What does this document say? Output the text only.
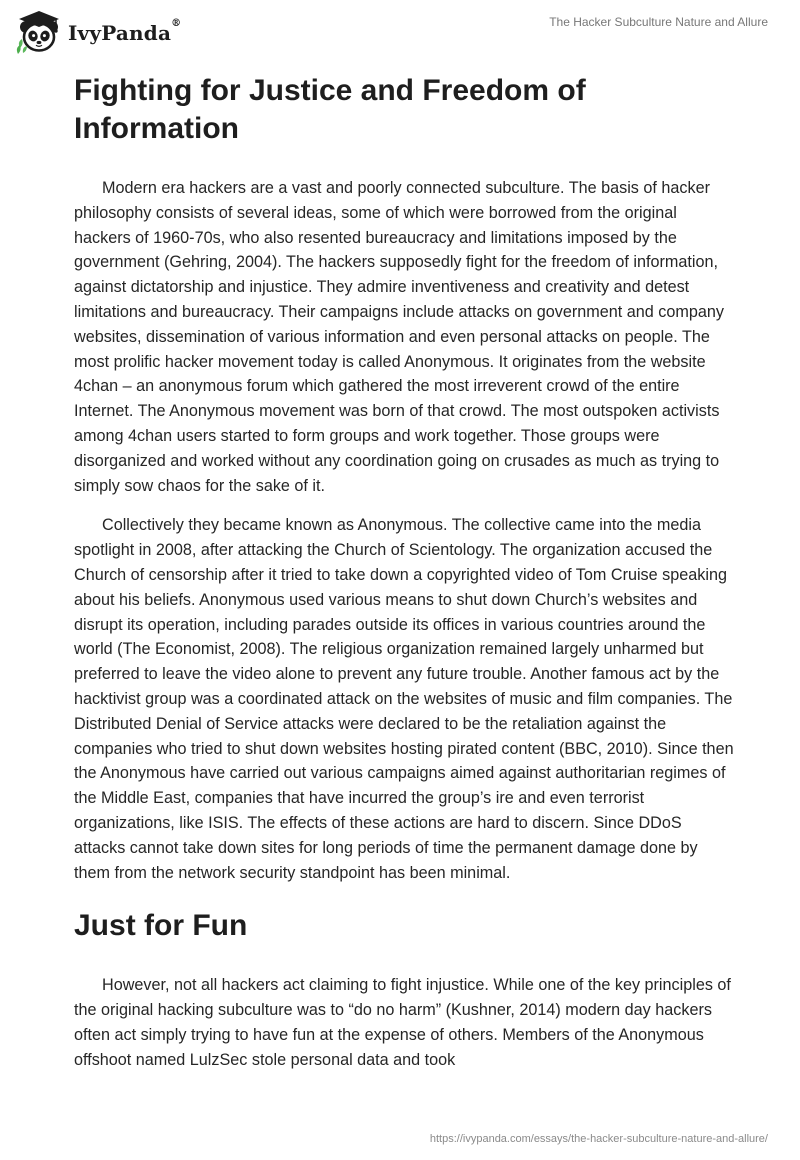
IvyPanda®	The Hacker Subculture Nature and Allure
Fighting for Justice and Freedom of Information

Modern era hackers are a vast and poorly connected subculture. The basis of hacker philosophy consists of several ideas, some of which were borrowed from the original hackers of 1960-70s, who also resented bureaucracy and limitations imposed by the government (Gehring, 2004). The hackers supposedly fight for the freedom of information, against dictatorship and injustice. They admire inventiveness and creativity and detest limitations and bureaucracy. Their campaigns include attacks on government and company websites, dissemination of various information and even personal attacks on people. The most prolific hacker movement today is called Anonymous. It originates from the website 4chan – an anonymous forum which gathered the most irreverent crowd of the entire Internet. The Anonymous movement was born of that crowd. The most outspoken activists among 4chan users started to form groups and work together. Those groups were disorganized and worked without any coordination going on crusades as much as trying to simply sow chaos for the sake of it.

Collectively they became known as Anonymous. The collective came into the media spotlight in 2008, after attacking the Church of Scientology. The organization accused the Church of censorship after it tried to take down a copyrighted video of Tom Cruise speaking about his beliefs. Anonymous used various means to shut down Church’s websites and disrupt its operation, including parades outside its offices in various countries around the world (The Economist, 2008). The religious organization remained largely unharmed but preferred to leave the video alone to prevent any future trouble. Another famous act by the hacktivist group was a coordinated attack on the websites of music and film companies. The Distributed Denial of Service attacks were declared to be the retaliation against the companies who tried to shut down websites hosting pirated content (BBC, 2010). Since then the Anonymous have carried out various campaigns aimed against authoritarian regimes of the Middle East, companies that have incurred the group’s ire and even terrorist organizations, like ISIS. The effects of these actions are hard to discern. Since DDoS attacks cannot take down sites for long periods of time the permanent damage done by them from the network security standpoint has been minimal.

Just for Fun

However, not all hackers act claiming to fight injustice. While one of the key principles of the original hacking subculture was to “do no harm” (Kushner, 2014) modern day hackers often act simply trying to have fun at the expense of others. Members of the Anonymous offshoot named LulzSec stole personal data and took

https://ivypanda.com/essays/the-hacker-subculture-nature-and-allure/
